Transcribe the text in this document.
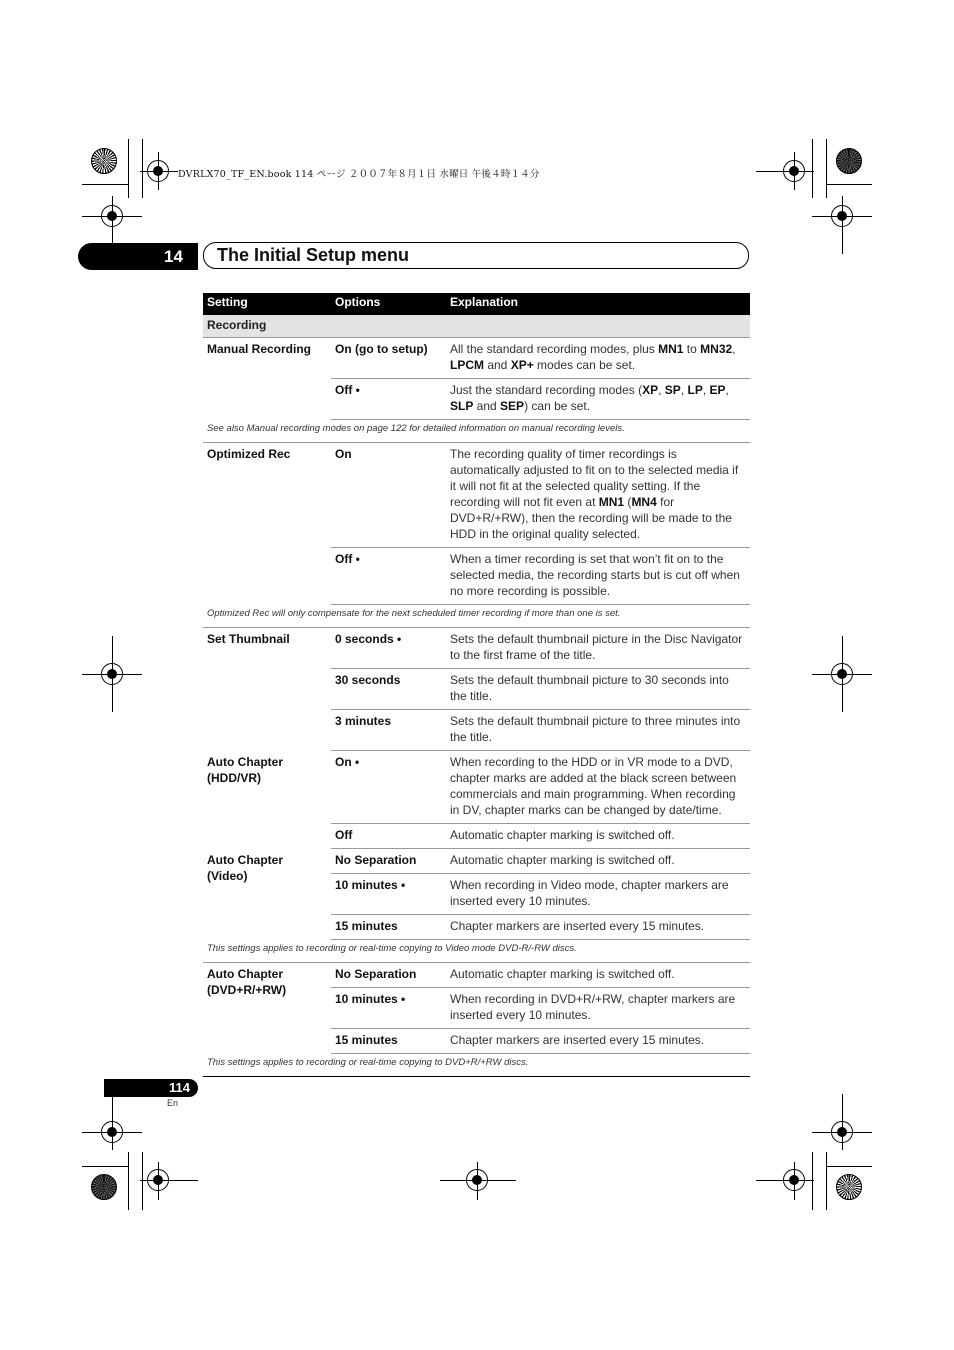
DVRLX70_TF_EN.book 114 ページ ２００７年８月１日 水曜日 午後４時１４分
14	The Initial Setup menu
Setting	Options	Explanation
Recording		
Manual Recording	On (go to setup)	All the standard recording modes, plus MN1 to MN32, LPCM and XP+ modes can be set.
	Off •	Just the standard recording modes (XP, SP, LP, EP, SLP and SEP) can be set.
See also Manual recording modes on page 122 for detailed information on manual recording levels.		
Optimized Rec	On	The recording quality of timer recordings is automatically adjusted to fit on to the selected media if it will not fit at the selected quality setting. If the recording will not fit even at MN1 (MN4 for DVD+R/+RW), then the recording will be made to the HDD in the original quality selected.
	Off •	When a timer recording is set that won’t fit on to the selected media, the recording starts but is cut off when no more recording is possible.
Optimized Rec will only compensate for the next scheduled timer recording if more than one is set.		
Set Thumbnail	0 seconds •	Sets the default thumbnail picture in the Disc Navigator to the first frame of the title.
	30 seconds	Sets the default thumbnail picture to 30 seconds into the title.
	3 minutes	Sets the default thumbnail picture to three minutes into the title.
Auto Chapter
(HDD/VR)	On •	When recording to the HDD or in VR mode to a DVD, chapter marks are added at the black screen between commercials and main programming. When recording in DV, chapter marks can be changed by date/time.
	Off	Automatic chapter marking is switched off.
Auto Chapter
(Video)	No Separation	Automatic chapter marking is switched off.
	10 minutes •	When recording in Video mode, chapter markers are inserted every 10 minutes.
	15 minutes	Chapter markers are inserted every 15 minutes.
This settings applies to recording or real-time copying to Video mode DVD-R/-RW discs.		
Auto Chapter
(DVD+R/+RW)	No Separation	Automatic chapter marking is switched off.
	10 minutes •	When recording in DVD+R/+RW, chapter markers are inserted every 10 minutes.
	15 minutes	Chapter markers are inserted every 15 minutes.
This settings applies to recording or real-time copying to DVD+R/+RW discs.		
114
En
